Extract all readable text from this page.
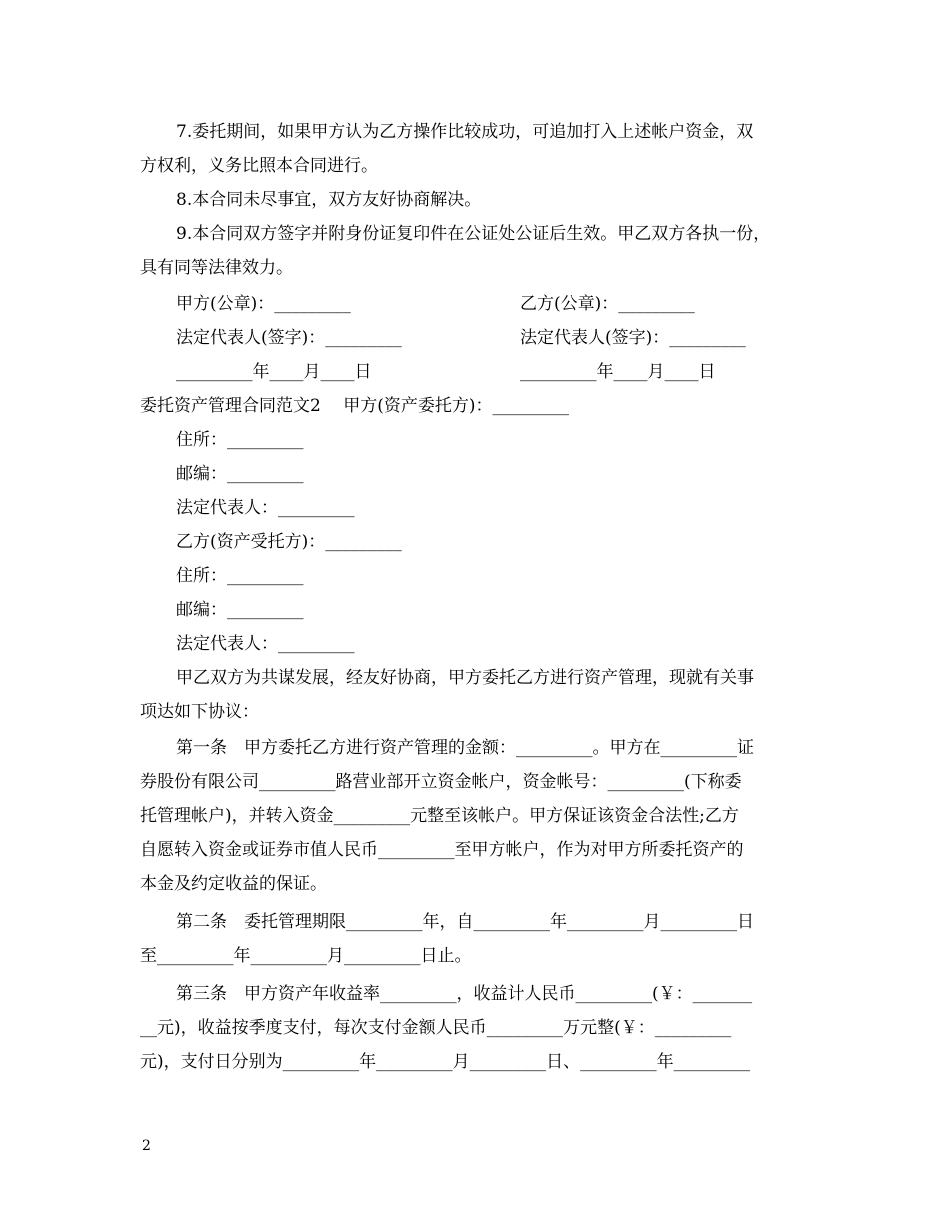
7.委托期间，如果甲方认为乙方操作比较成功，可追加打入上述帐户资金，双
方权利，义务比照本合同进行。
8.本合同未尽事宜，双方友好协商解决。
9.本合同双方签字并附身份证复印件在公证处公证后生效。甲乙双方各执一份，
具有同等法律效力。
甲方(公章)：_________	乙方(公章)：_________
法定代表人(签字)：_________	法定代表人(签字)：_________
_________年____月____日	_________年____月____日
委托资产管理合同范文2　 甲方(资产委托方)：_________
住所：_________
邮编：_________
法定代表人：_________
乙方(资产受托方)：_________
住所：_________
邮编：_________
法定代表人：_________
甲乙双方为共谋发展，经友好协商，甲方委托乙方进行资产管理，现就有关事
项达如下协议：
第一条　甲方委托乙方进行资产管理的金额：_________。甲方在_________证
券股份有限公司_________路营业部开立资金帐户，资金帐号：_________(下称委
托管理帐户)，并转入资金_________元整至该帐户。甲方保证该资金合法性;乙方
自愿转入资金或证券市值人民币_________至甲方帐户，作为对甲方所委托资产的
本金及约定收益的保证。
第二条　委托管理期限_________年，自_________年_________月_________日
至_________年_________月_________日止。
第三条　甲方资产年收益率_________，收益计人民币_________(￥：_______
__元)，收益按季度支付，每次支付金额人民币_________万元整(￥：_________
元)，支付日分别为_________年_________月_________日、_________年_________
2
